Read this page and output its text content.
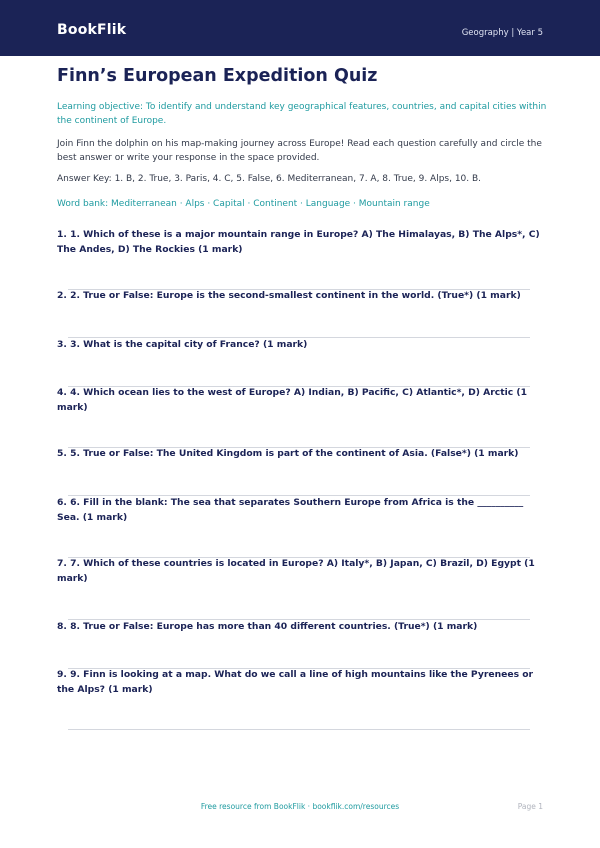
BookFlik	Geography | Year 5
Finn’s European Expedition Quiz
Learning objective: To identify and understand key geographical features, countries, and capital cities within the continent of Europe.
Join Finn the dolphin on his map-making journey across Europe! Read each question carefully and circle the best answer or write your response in the space provided.
Answer Key: 1. B, 2. True, 3. Paris, 4. C, 5. False, 6. Mediterranean, 7. A, 8. True, 9. Alps, 10. B.
Word bank: Mediterranean · Alps · Capital · Continent · Language · Mountain range
1. 1. Which of these is a major mountain range in Europe? A) The Himalayas, B) The Alps*, C) The Andes, D) The Rockies (1 mark)
2. 2. True or False: Europe is the second-smallest continent in the world. (True*) (1 mark)
3. 3. What is the capital city of France? (1 mark)
4. 4. Which ocean lies to the west of Europe? A) Indian, B) Pacific, C) Atlantic*, D) Arctic (1 mark)
5. 5. True or False: The United Kingdom is part of the continent of Asia. (False*) (1 mark)
6. 6. Fill in the blank: The sea that separates Southern Europe from Africa is the __________ Sea. (1 mark)
7. 7. Which of these countries is located in Europe? A) Italy*, B) Japan, C) Brazil, D) Egypt (1 mark)
8. 8. True or False: Europe has more than 40 different countries. (True*) (1 mark)
9. 9. Finn is looking at a map. What do we call a line of high mountains like the Pyrenees or the Alps? (1 mark)
Free resource from BookFlik · bookflik.com/resources	Page 1
